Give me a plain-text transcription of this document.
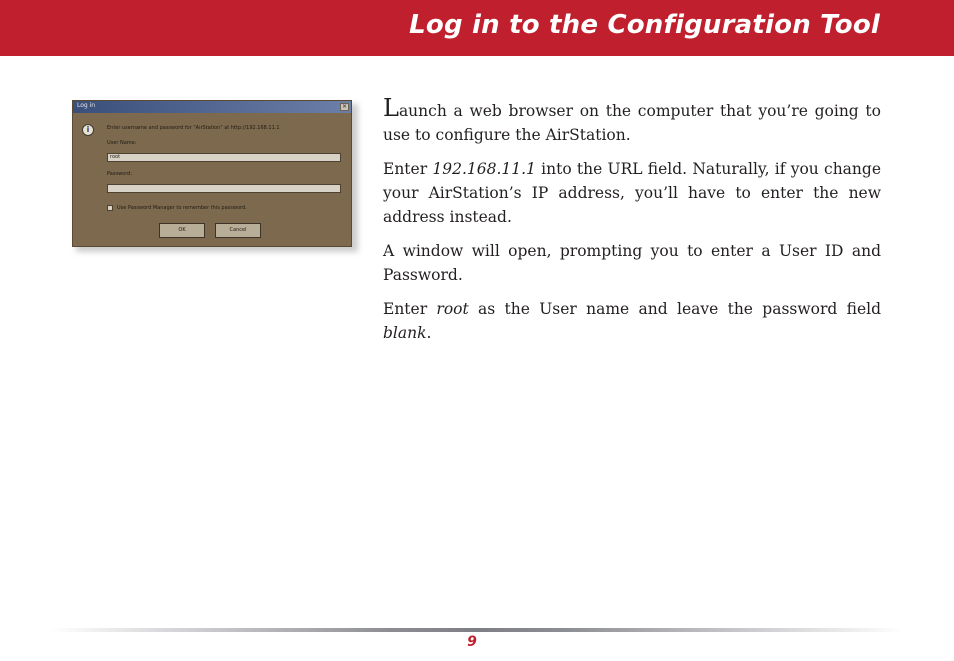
Log in to the Configuration Tool
Log in	×
i	Enter username and password for "AirStation" at http://192.168.11.1
User Name:
root
Password:
Use Password Manager to remember this password.
OK	Cancel

Launch a web browser on the computer that you’re going to use to configure the AirStation.

Enter 192.168.11.1 into the URL field. Naturally, if you change your AirStation’s IP address, you’ll have to enter the new address instead.

A window will open, prompting you to enter a User ID and Password.

Enter root as the User name and leave the password field blank.

9
